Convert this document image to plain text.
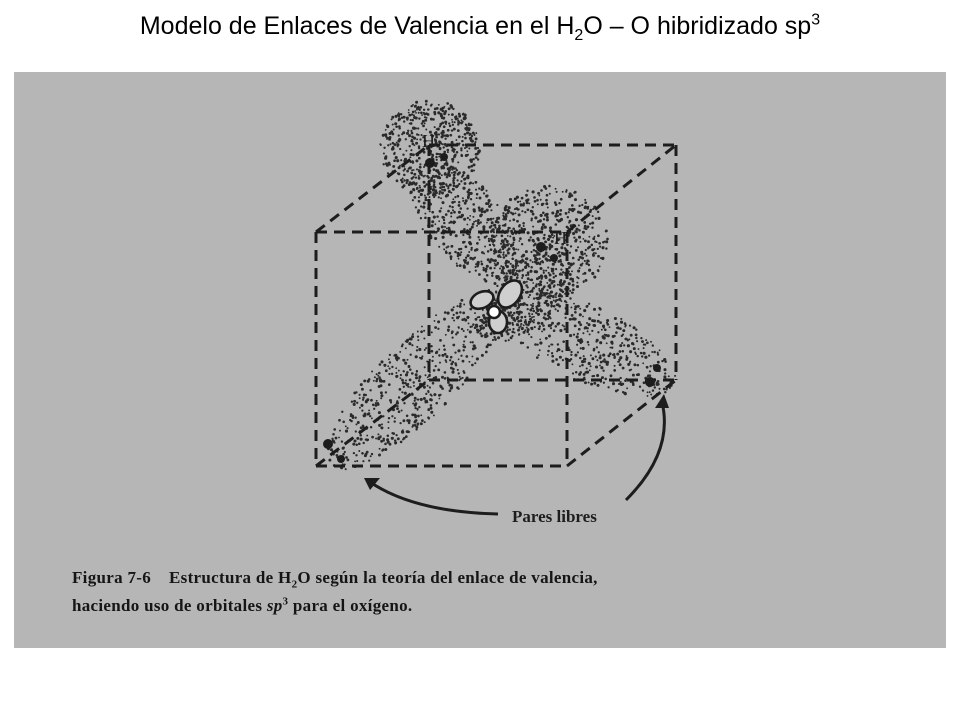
Modelo de Enlaces de Valencia en el $H_2O$ – O hibridizado $sp^3$
H
H
Pares libres
Figura 7-6 Estructura de $H_2O$ según la teoría del enlace de valencia,
haciendo uso de orbitales $sp^3$ para el oxígeno.
